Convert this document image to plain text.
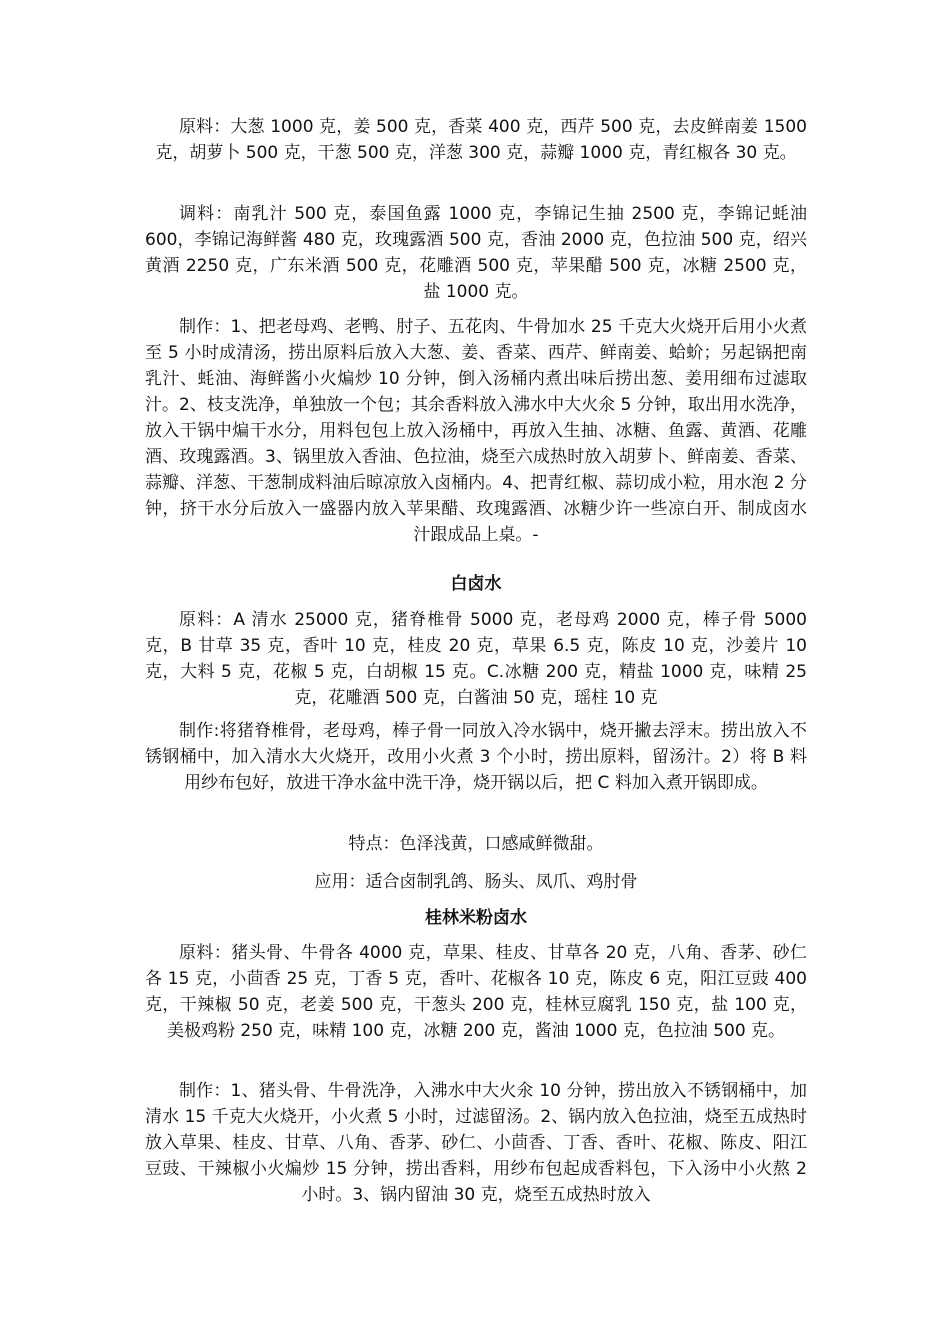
原料：大葱 1000 克，姜 500 克，香菜 400 克，西芹 500 克，去皮鲜南姜 1500 克，胡萝卜 500 克，干葱 500 克，洋葱 300 克，蒜瓣 1000 克，青红椒各 30 克。

调料：南乳汁 500 克，泰国鱼露 1000 克，李锦记生抽 2500 克，李锦记蚝油 600，李锦记海鲜酱 480 克，玫瑰露酒 500 克，香油 2000 克，色拉油 500 克，绍兴黄酒 2250 克，广东米酒 500 克，花雕酒 500 克，苹果醋 500 克，冰糖 2500 克，盐 1000 克。

制作：1、把老母鸡、老鸭、肘子、五花肉、牛骨加水 25 千克大火烧开后用小火煮至 5 小时成清汤，捞出原料后放入大葱、姜、香菜、西芹、鲜南姜、蛤蚧；另起锅把南乳汁、蚝油、海鲜酱小火煸炒 10 分钟，倒入汤桶内煮出味后捞出葱、姜用细布过滤取汁。2、枝支洗净，单独放一个包；其余香料放入沸水中大火氽 5 分钟，取出用水洗净，放入干锅中煸干水分，用料包包上放入汤桶中，再放入生抽、冰糖、鱼露、黄酒、花雕酒、玫瑰露酒。3、锅里放入香油、色拉油，烧至六成热时放入胡萝卜、鲜南姜、香菜、蒜瓣、洋葱、干葱制成料油后晾凉放入卤桶内。4、把青红椒、蒜切成小粒，用水泡 2 分钟，挤干水分后放入一盛器内放入苹果醋、玫瑰露酒、冰糖少许一些凉白开、制成卤水汁跟成品上桌。-

白卤水

原料：A 清水 25000 克，猪脊椎骨 5000 克，老母鸡 2000 克，棒子骨 5000 克，B 甘草 35 克，香叶 10 克，桂皮 20 克，草果 6.5 克，陈皮 10 克，沙姜片 10 克，大料 5 克，花椒 5 克，白胡椒 15 克。C.冰糖 200 克，精盐 1000 克，味精 25 克，花雕酒 500 克，白酱油 50 克，瑶柱 10 克

制作:将猪脊椎骨，老母鸡，棒子骨一同放入冷水锅中，烧开撇去浮末。捞出放入不锈钢桶中，加入清水大火烧开，改用小火煮 3 个小时，捞出原料，留汤汁。2）将 B 料用纱布包好，放进干净水盆中洗干净，烧开锅以后，把 C 料加入煮开锅即成。

特点：色泽浅黄，口感咸鲜微甜。

应用：适合卤制乳鸽、肠头、凤爪、鸡肘骨

桂林米粉卤水

原料：猪头骨、牛骨各 4000 克，草果、桂皮、甘草各 20 克，八角、香茅、砂仁各 15 克，小茴香 25 克，丁香 5 克，香叶、花椒各 10 克，陈皮 6 克，阳江豆豉 400 克，干辣椒 50 克，老姜 500 克，干葱头 200 克，桂林豆腐乳 150 克，盐 100 克，美极鸡粉 250 克，味精 100 克，冰糖 200 克，酱油 1000 克，色拉油 500 克。

制作：1、猪头骨、牛骨洗净，入沸水中大火氽 10 分钟，捞出放入不锈钢桶中，加清水 15 千克大火烧开，小火煮 5 小时，过滤留汤。2、锅内放入色拉油，烧至五成热时放入草果、桂皮、甘草、八角、香茅、砂仁、小茴香、丁香、香叶、花椒、陈皮、阳江豆豉、干辣椒小火煸炒 15 分钟，捞出香料，用纱布包起成香料包，下入汤中小火熬 2 小时。3、锅内留油 30 克，烧至五成热时放入
